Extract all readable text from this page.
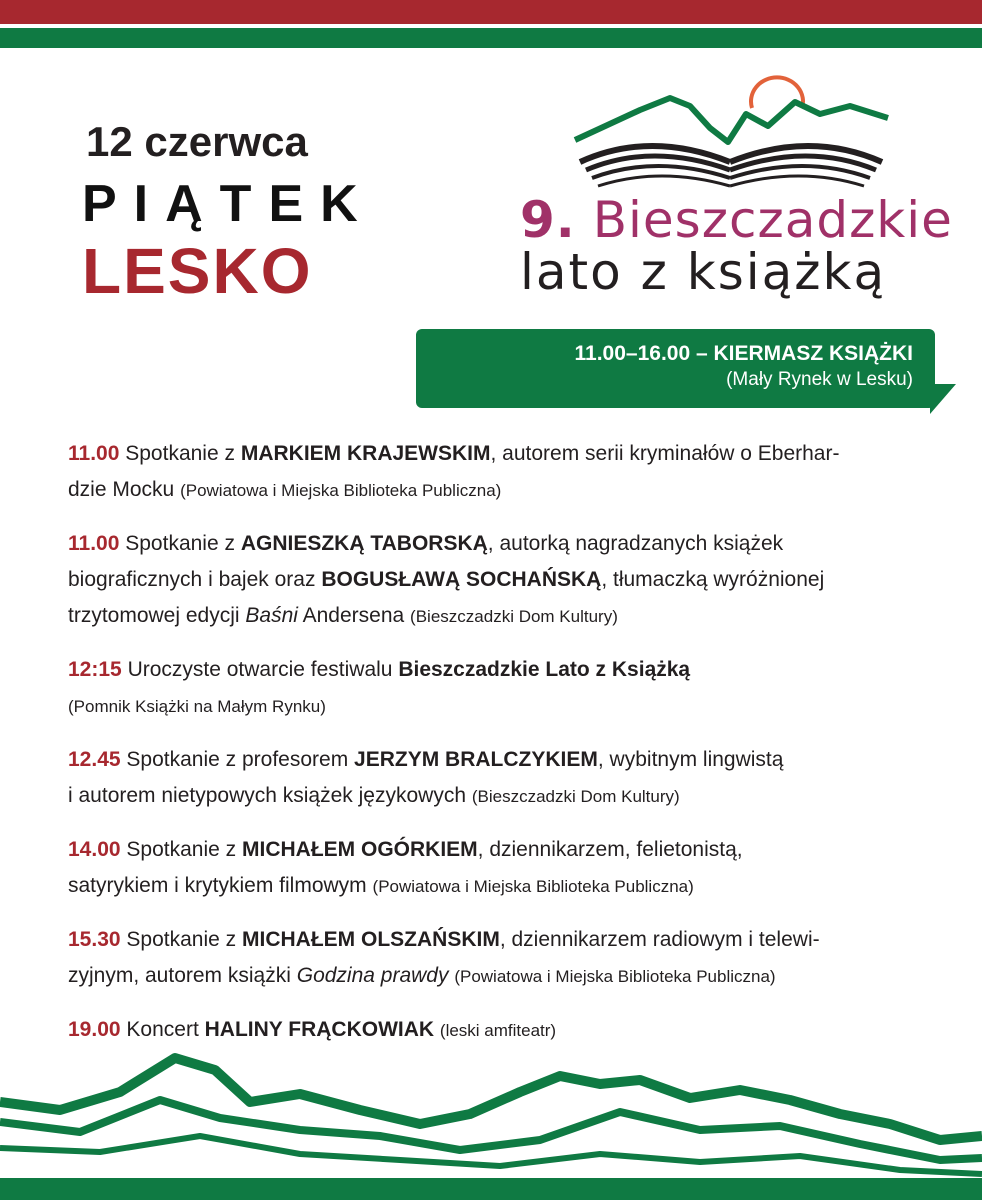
12 czerwca
PIĄTEK
LESKO
9. Bieszczadzkie
lato z książką
11.00–16.00 – KIERMASZ KSIĄŻKI
(Mały Rynek w Lesku)
11.00 Spotkanie z MARKIEM KRAJEWSKIM, autorem serii kryminałów o Eberhar-
dzie Mocku (Powiatowa i Miejska Biblioteka Publiczna)
11.00 Spotkanie z AGNIESZKĄ TABORSKĄ, autorką nagradzanych książek
biograficznych i bajek oraz BOGUSŁAWĄ SOCHAŃSKĄ, tłumaczką wyróżnionej
trzytomowej edycji Baśni Andersena (Bieszczadzki Dom Kultury)
12:15 Uroczyste otwarcie festiwalu Bieszczadzkie Lato z Książką
(Pomnik Książki na Małym Rynku)
12.45 Spotkanie z profesorem JERZYM BRALCZYKIEM, wybitnym lingwistą
i autorem nietypowych książek językowych (Bieszczadzki Dom Kultury)
14.00 Spotkanie z MICHAŁEM OGÓRKIEM, dziennikarzem, felietonistą,
satyrykiem i krytykiem filmowym (Powiatowa i Miejska Biblioteka Publiczna)
15.30 Spotkanie z MICHAŁEM OLSZAŃSKIM, dziennikarzem radiowym i telewi-
zyjnym, autorem książki Godzina prawdy (Powiatowa i Miejska Biblioteka Publiczna)
19.00 Koncert HALINY FRĄCKOWIAK (leski amfiteatr)
